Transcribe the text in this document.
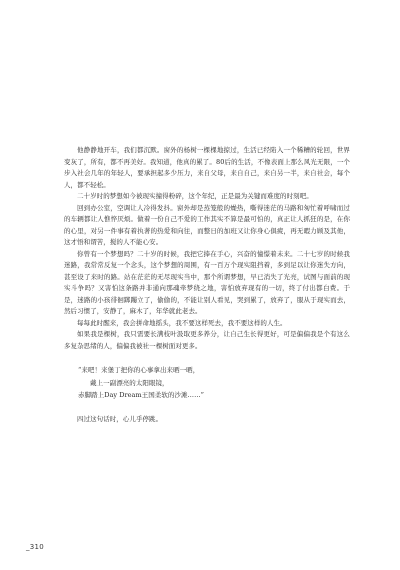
他静静地开车，我们都沉默。窗外的杨树一棵棵地掠过，生活已经陷入一个稀糟的轮回，世界变灰了，所有，都不再美好。我知道，他真的累了。80后的生活，不像表面上那么风光无限，一个步入社会几年的年轻人，要承担起多少压力，来自父母，来自自己，来自另一半，来自社会，每个人，都不轻松。

二十岁时的梦想如今被现实撞得粉碎，这个年纪，正是最为关键而难度的时刻吧。

回到办公室，空调让人冷得发抖。窗外却是蒸笼般的燥热，嘶得迷茫的马路和匆忙着呼啸而过的车辆都让人憔悴厌烦。做着一份自己不爱的工作其实不算是最可怕的，真正让人抓狂的是，在你的心里，对另一件事有着执著的热爱和向往，而整日的加班又让你身心俱疲，再无暇力顾及其他，这才悟和谓苦，搅的人不能心安。

你曾有一个梦想吗？二十岁的时候，我把它捧在手心，兴奋的憧憬着未来。二十七岁的时候我迷路，我常常反复一个念头，这个梦想的周围，有一百万个现实阻挡着，多到足以让你迷失方向，甚至设了来时的路。站在茫茫的无尽现实当中，那个所谓梦想，早已消失了光亮，试图与面前的现实斗争吗？又害怕这条路并非通向那魂牵梦绕之地，害怕放弃现有的一切，终了付出都白费。于是，迷路的小孩徘徊踯躅立了，偷偷的，不能让别人看见，哭到累了，放弃了，服从于现实而去，然后习惯了，安静了，麻木了，年华就此老去。

每每此时醒来，我会拼命地摇头，我不要这样死去，我不要这样的人生。

如果我是棵树，我只需要长满枝叶汲取更多养分，让自己生长得更好，可是偏偏我是个有这么多复杂思绪的人，偏偏我被社一棵树面对更多。

“来吧！来堡丁把你的心事拿出来晒一晒，

戴上一副漂亮的太阳眼镜，

赤脚踏上Day Dream王国柔软的沙滩……”

四过这句话时，心儿乎停跳。

_310
